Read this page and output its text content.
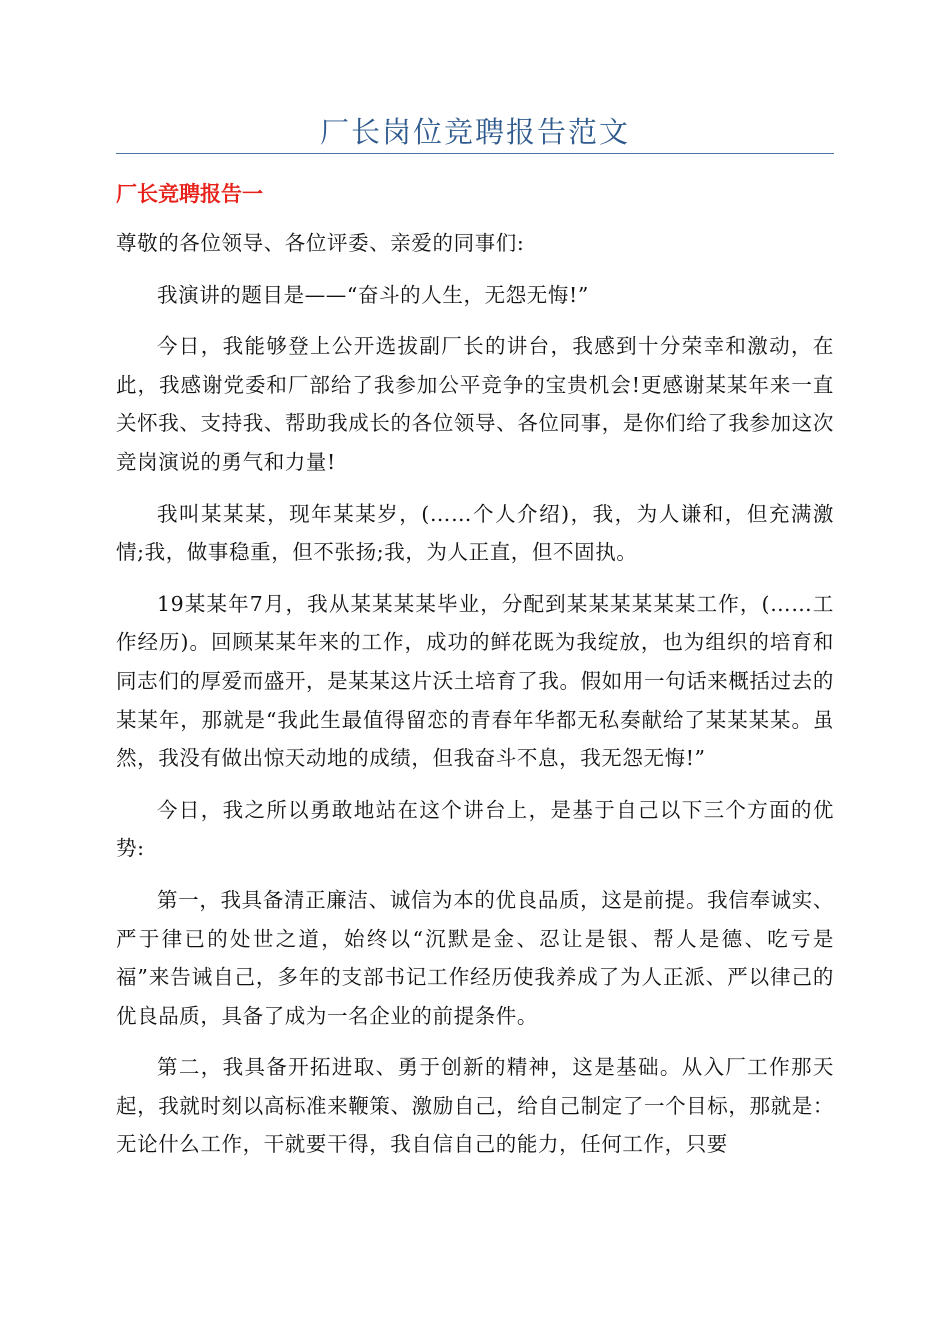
厂长岗位竞聘报告范文
厂长竞聘报告一

尊敬的各位领导、各位评委、亲爱的同事们:

我演讲的题目是——“奋斗的人生，无怨无悔!”

今日，我能够登上公开选拔副厂长的讲台，我感到十分荣幸和激动，在此，我感谢党委和厂部给了我参加公平竞争的宝贵机会!更感谢某某年来一直关怀我、支持我、帮助我成长的各位领导、各位同事，是你们给了我参加这次竞岗演说的勇气和力量!

我叫某某某，现年某某岁，(……个人介绍)，我，为人谦和，但充满激情;我，做事稳重，但不张扬;我，为人正直，但不固执。

19某某年7月，我从某某某某毕业，分配到某某某某某某工作，(……工作经历)。回顾某某年来的工作，成功的鲜花既为我绽放，也为组织的培育和同志们的厚爱而盛开，是某某这片沃土培育了我。假如用一句话来概括过去的某某年，那就是“我此生最值得留恋的青春年华都无私奏献给了某某某某。虽然，我没有做出惊天动地的成绩，但我奋斗不息，我无怨无悔!”

今日，我之所以勇敢地站在这个讲台上，是基于自己以下三个方面的优势:

第一，我具备清正廉洁、诚信为本的优良品质，这是前提。我信奉诚实、严于律已的处世之道，始终以“沉默是金、忍让是银、帮人是德、吃亏是福”来告诫自己，多年的支部书记工作经历使我养成了为人正派、严以律己的优良品质，具备了成为一名企业的前提条件。

第二，我具备开拓进取、勇于创新的精神，这是基础。从入厂工作那天起，我就时刻以高标准来鞭策、激励自己，给自己制定了一个目标，那就是：无论什么工作，干就要干得，我自信自己的能力，任何工作，只要
